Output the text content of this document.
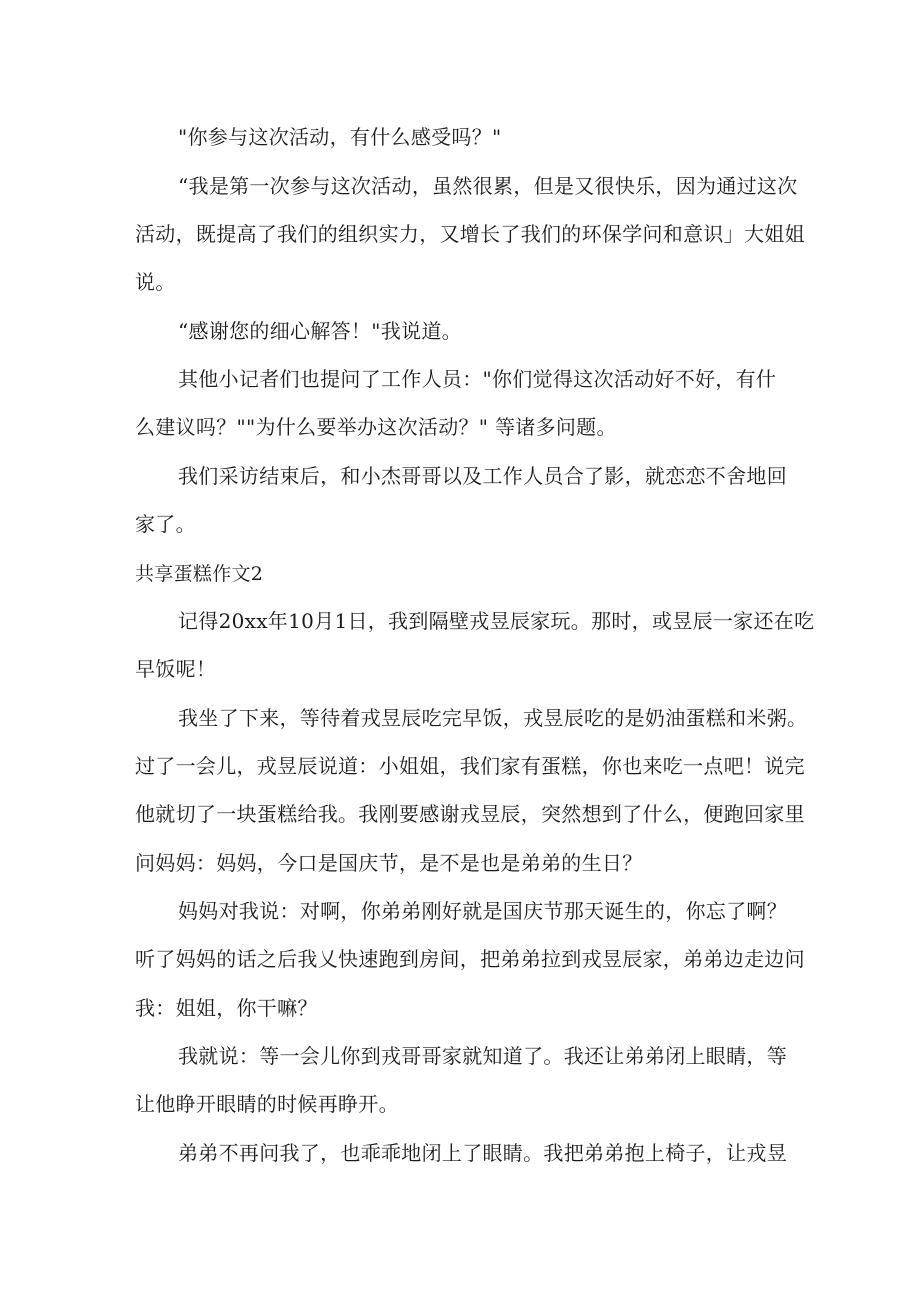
"你参与这次活动，有什么感受吗？"
“我是第一次参与这次活动，虽然很累，但是又很快乐，因为通过这次
活动，既提高了我们的组织实力，又增长了我们的环保学问和意识」大姐姐
说。
“感谢您的细心解答！"我说道。
其他小记者们也提问了工作人员："你们觉得这次活动好不好，有什
么建议吗？""为什么要举办这次活动？" 等诸多问题。
我们采访结束后，和小杰哥哥以及工作人员合了影，就恋恋不舍地回
家了。
共享蛋糕作文2
记得20xx年10月1日，我到隔壁戎昱辰家玩。那时，或昱辰一家还在吃
早饭呢！
我坐了下来，等待着戎昱辰吃完早饭，戎昱辰吃的是奶油蛋糕和米粥。
过了一会儿，戎昱辰说道：小姐姐，我们家有蛋糕，你也来吃一点吧！说完
他就切了一块蛋糕给我。我刚要感谢戎昱辰，突然想到了什么，便跑回家里
问妈妈：妈妈，今口是国庆节，是不是也是弟弟的生日？
妈妈对我说：对啊，你弟弟刚好就是国庆节那天诞生的，你忘了啊？
听了妈妈的话之后我乂快速跑到房间，把弟弟拉到戎昱辰家，弟弟边走边问
我：姐姐，你干嘛？
我就说：等一会儿你到戎哥哥家就知道了。我还让弟弟闭上眼睛，等
让他睁开眼睛的时候再睁开。
弟弟不再问我了，也乖乖地闭上了眼睛。我把弟弟抱上椅子，让戎昱
